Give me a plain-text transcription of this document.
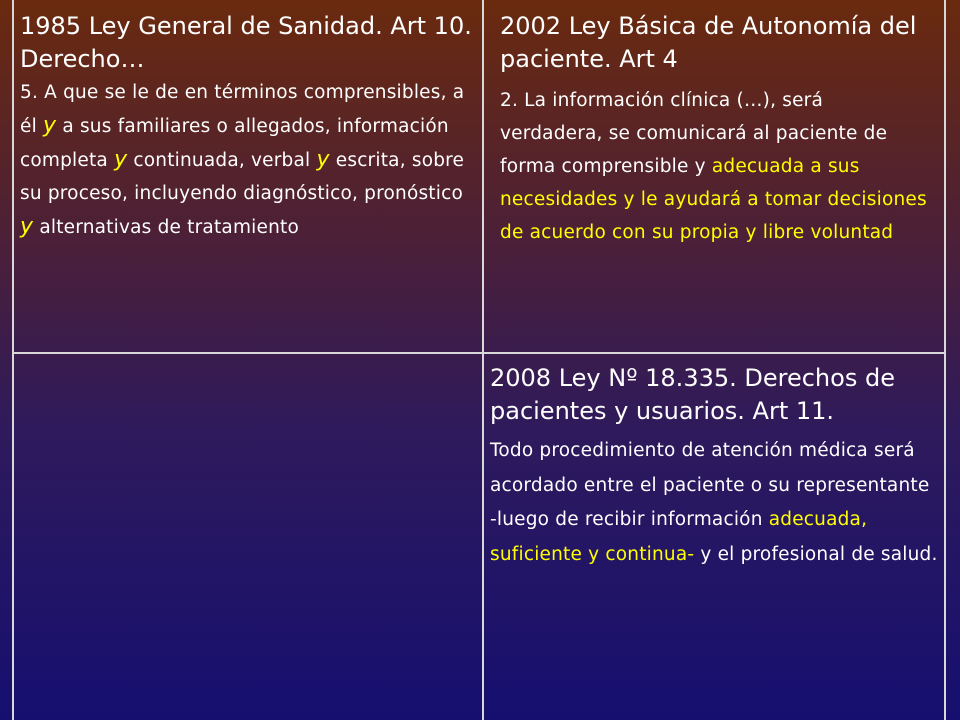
1985 Ley General de Sanidad. Art 10. Derecho…

5. A que se le de en términos comprensibles, a él y a sus familiares o allegados, información completa y continuada, verbal y escrita, sobre su proceso, incluyendo diagnóstico, pronóstico y alternativas de tratamiento

2002 Ley Básica de Autonomía del paciente. Art 4

2. La información clínica (…), será verdadera, se comunicará al paciente de forma comprensible y adecuada a sus necesidades y le ayudará a tomar decisiones de acuerdo con su propia y libre voluntad

2008 Ley Nº 18.335. Derechos de pacientes y usuarios. Art 11.

Todo procedimiento de atención médica será acordado entre el paciente o su representante -luego de recibir información adecuada, suficiente y continua- y el profesional de salud.
